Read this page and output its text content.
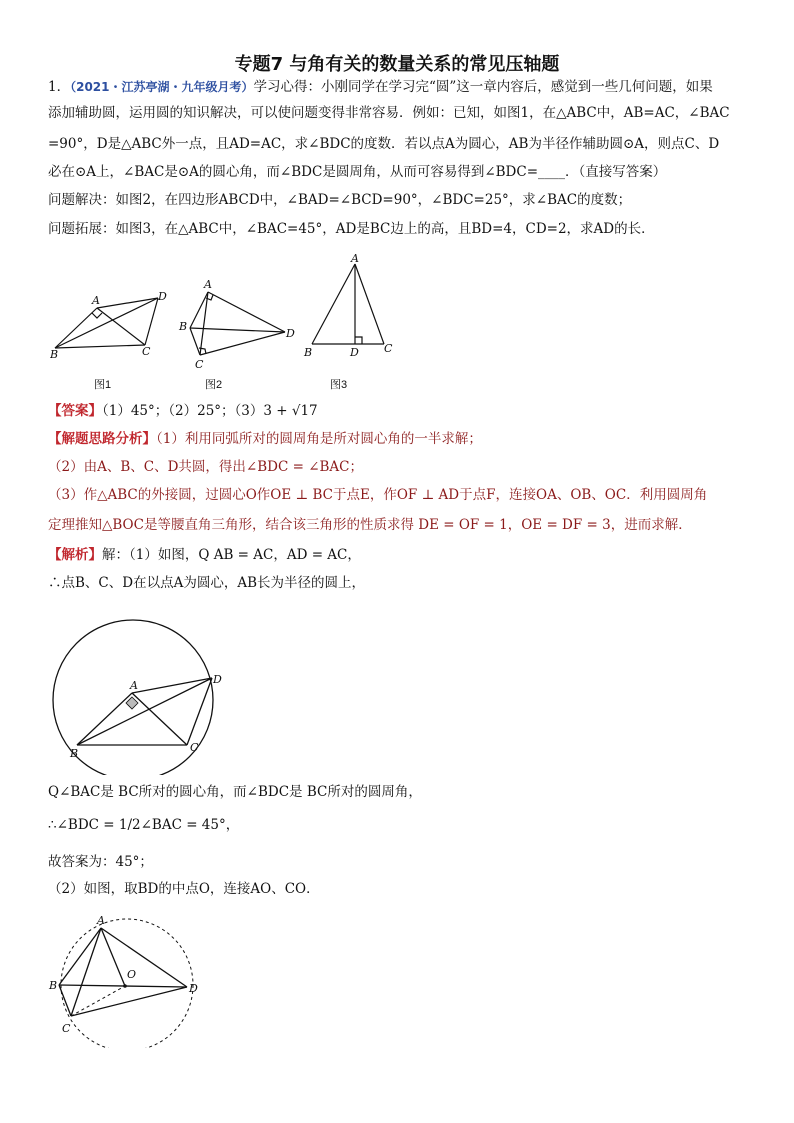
专题7 与角有关的数量关系的常见压轴题
1．（2021・江苏亭湖・九年级月考）学习心得：小刚同学在学习完“圆”这一章内容后，感觉到一些几何问题，如果
添加辅助圆，运用圆的知识解决，可以使问题变得非常容易．例如：已知，如图1，在△ABC中，AB=AC，∠BAC
=90°，D是△ABC外一点，且AD=AC，求∠BDC的度数．若以点A为圆心，AB为半径作辅助圆⊙A，则点C、D
必在⊙A上，∠BAC是⊙A的圆心角，而∠BDC是圆周角，从而可容易得到∠BDC=____．（直接写答案）
问题解决：如图2，在四边形ABCD中，∠BAD=∠BCD=90°，∠BDC=25°，求∠BAC的度数；
问题拓展：如图3，在△ABC中，∠BAC=45°，AD是BC边上的高，且BD=4，CD=2，求AD的长．
A
B	C
D
图1
A
B
C
D
图2
A
B	D C
图3
【答案】（1）45°；（2）25°；（3）3 + √17
【解题思路分析】（1）利用同弧所对的圆周角是所对圆心角的一半求解；
（2）由A、B、C、D共圆，得出∠BDC = ∠BAC；
（3）作△ABC的外接圆，过圆心O作OE ⊥ BC于点E，作OF ⊥ AD于点F，连接OA、OB、OC．利用圆周角
定理推知△BOC是等腰直角三角形，结合该三角形的性质求得 DE = OF = 1，OE = DF = 3，进而求解．
【解析】解：（1）如图，Q AB = AC，AD = AC，
∴点B、C、D在以点A为圆心，AB长为半径的圆上，
A
B	C
D
Q∠BAC是 BC所对的圆心角，而∠BDC是 BC所对的圆周角，
∴∠BDC = 1/2∠BAC = 45°，
故答案为：45°；
（2）如图，取BD的中点O，连接AO、CO．
A
B
C
D
O
